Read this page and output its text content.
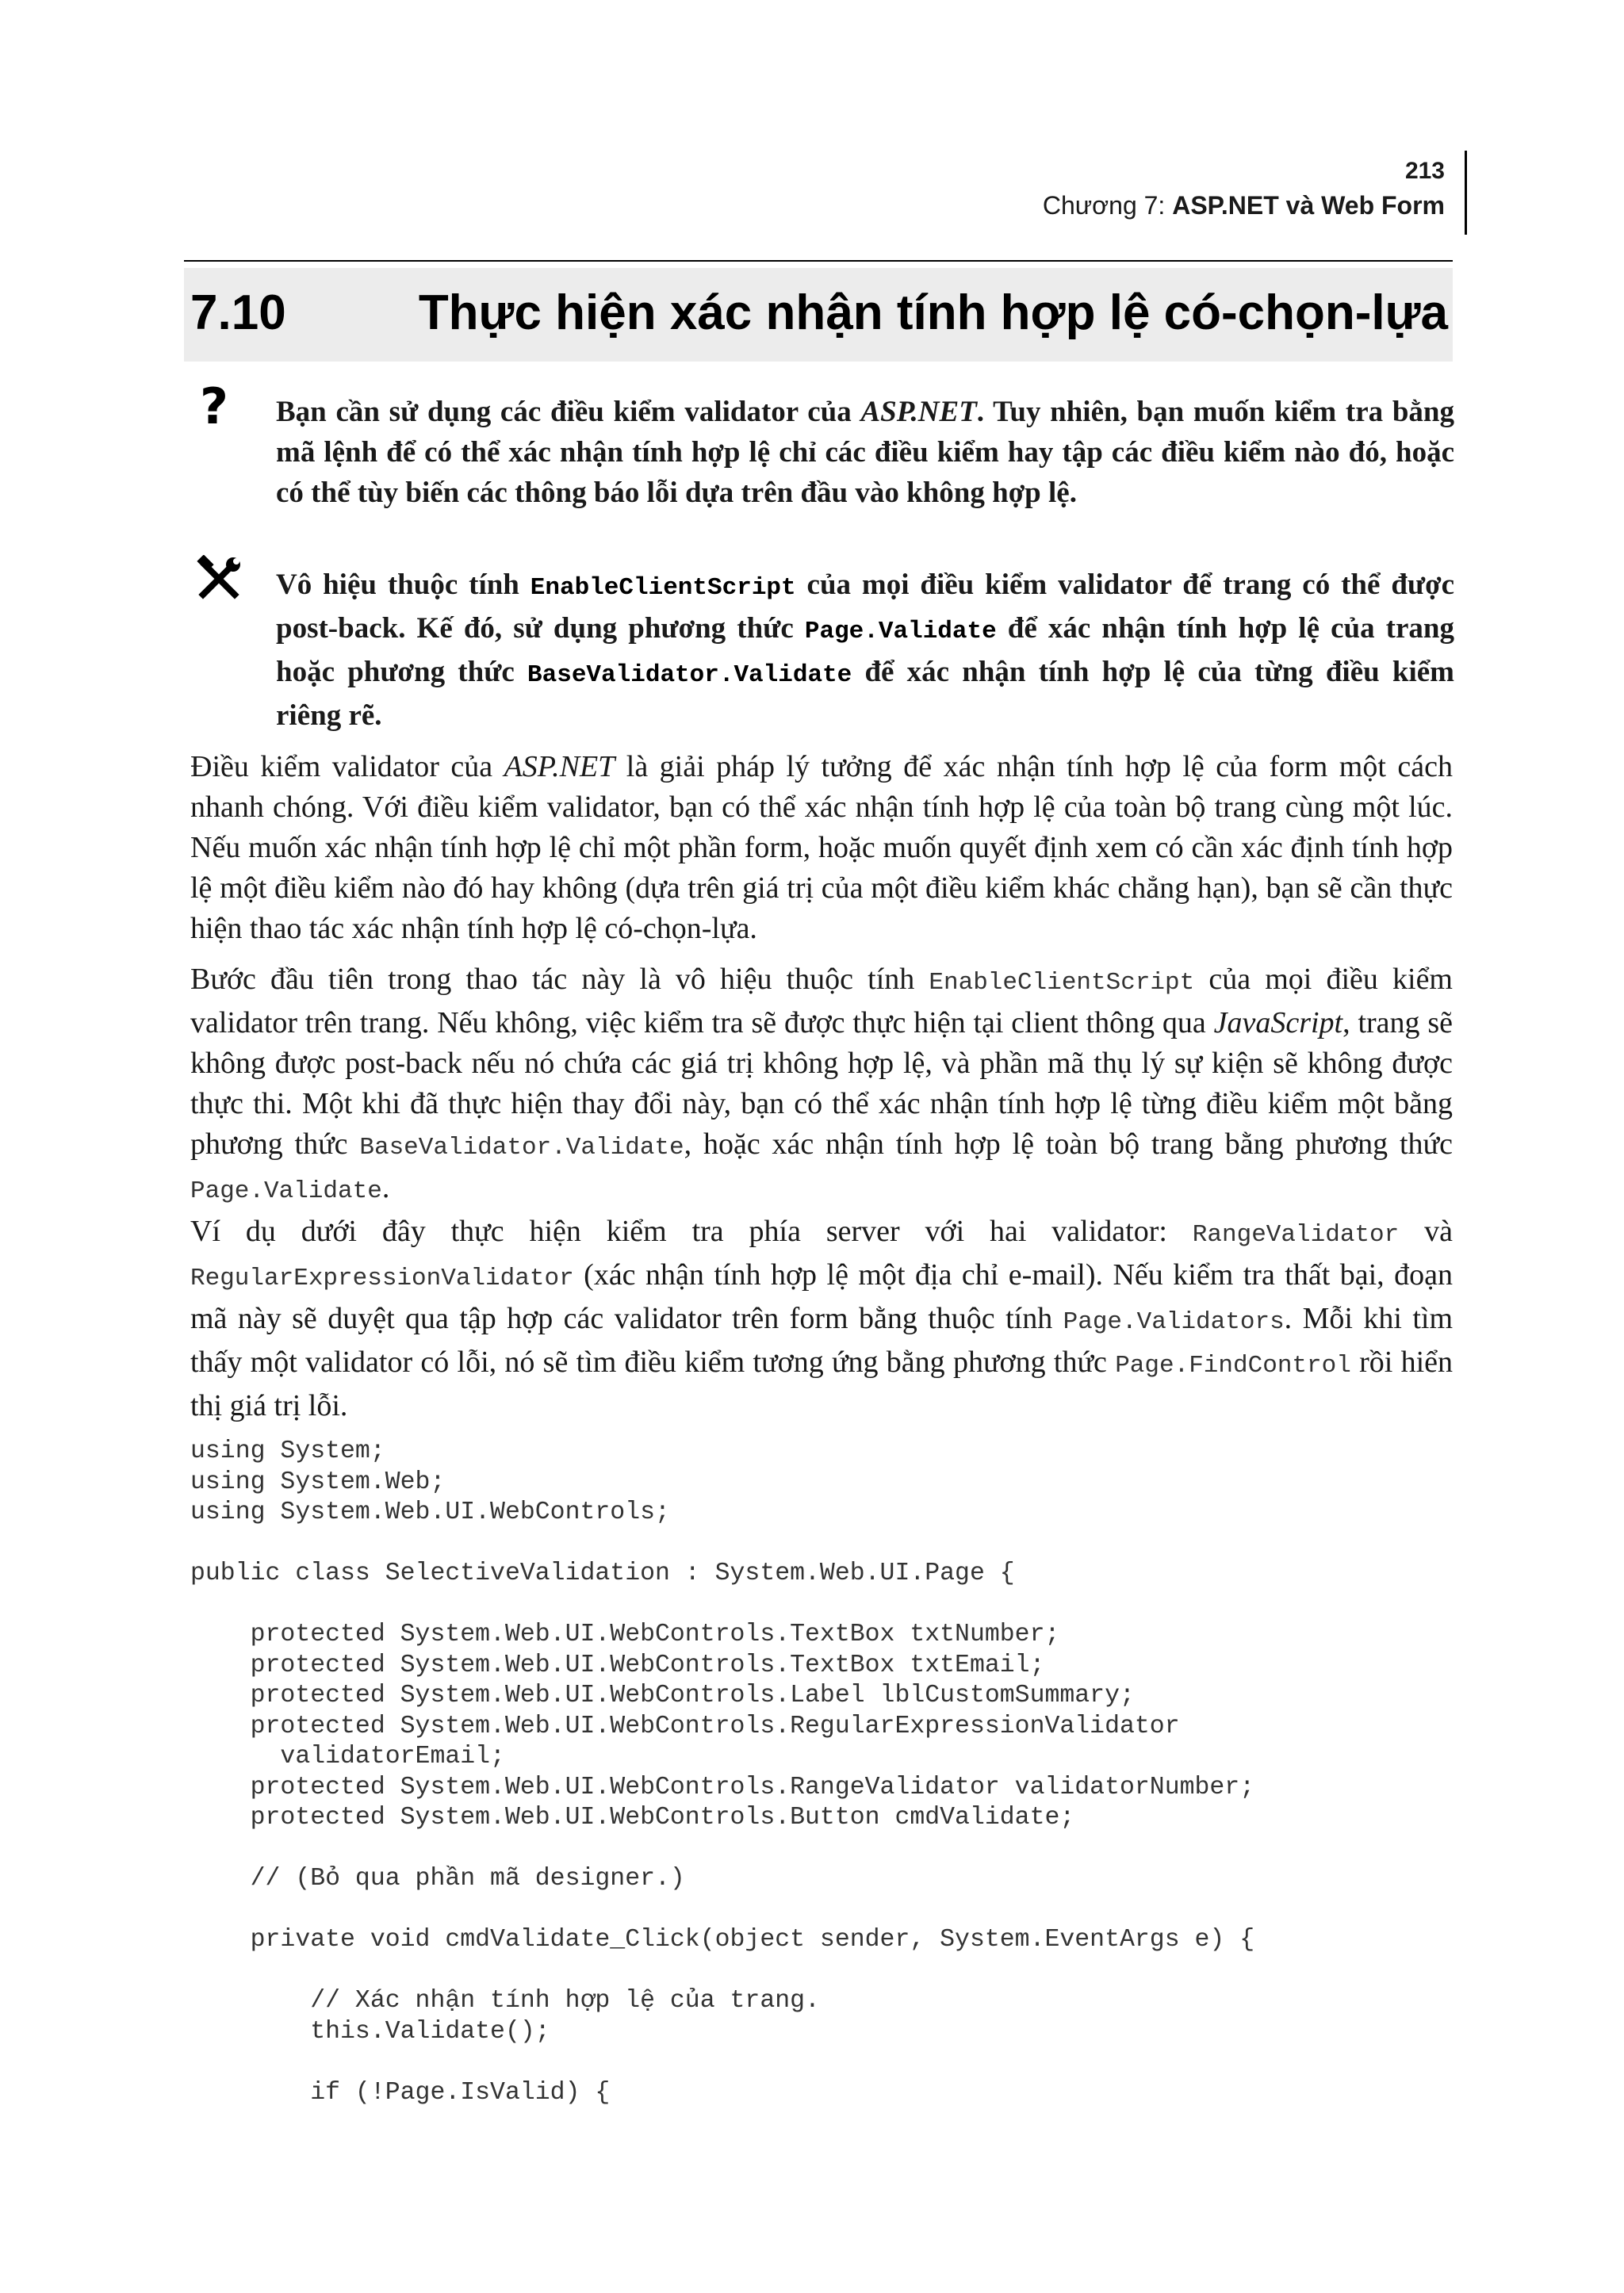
213
Chương 7: ASP.NET và Web Form
7.10	Thực hiện xác nhận tính hợp lệ có-chọn-lựa
? Bạn cần sử dụng các điều kiểm validator của ASP.NET. Tuy nhiên, bạn muốn kiểm tra bằng mã lệnh để có thể xác nhận tính hợp lệ chỉ các điều kiểm hay tập các điều kiểm nào đó, hoặc có thể tùy biến các thông báo lỗi dựa trên đầu vào không hợp lệ.
Vô hiệu thuộc tính EnableClientScript của mọi điều kiểm validator để trang có thể được post-back. Kế đó, sử dụng phương thức Page.Validate để xác nhận tính hợp lệ của trang hoặc phương thức BaseValidator.Validate để xác nhận tính hợp lệ của từng điều kiểm riêng rẽ.
Điều kiểm validator của ASP.NET là giải pháp lý tưởng để xác nhận tính hợp lệ của form một cách nhanh chóng. Với điều kiểm validator, bạn có thể xác nhận tính hợp lệ của toàn bộ trang cùng một lúc. Nếu muốn xác nhận tính hợp lệ chỉ một phần form, hoặc muốn quyết định xem có cần xác định tính hợp lệ một điều kiểm nào đó hay không (dựa trên giá trị của một điều kiểm khác chẳng hạn), bạn sẽ cần thực hiện thao tác xác nhận tính hợp lệ có-chọn-lựa.
Bước đầu tiên trong thao tác này là vô hiệu thuộc tính EnableClientScript của mọi điều kiểm validator trên trang. Nếu không, việc kiểm tra sẽ được thực hiện tại client thông qua JavaScript, trang sẽ không được post-back nếu nó chứa các giá trị không hợp lệ, và phần mã thụ lý sự kiện sẽ không được thực thi. Một khi đã thực hiện thay đổi này, bạn có thể xác nhận tính hợp lệ từng điều kiểm một bằng phương thức BaseValidator.Validate, hoặc xác nhận tính hợp lệ toàn bộ trang bằng phương thức Page.Validate.
Ví dụ dưới đây thực hiện kiểm tra phía server với hai validator: RangeValidator và RegularExpressionValidator (xác nhận tính hợp lệ một địa chỉ e-mail). Nếu kiểm tra thất bại, đoạn mã này sẽ duyệt qua tập hợp các validator trên form bằng thuộc tính Page.Validators. Mỗi khi tìm thấy một validator có lỗi, nó sẽ tìm điều kiểm tương ứng bằng phương thức Page.FindControl rồi hiển thị giá trị lỗi.
using System;
using System.Web;
using System.Web.UI.WebControls;

public class SelectiveValidation : System.Web.UI.Page {

protected System.Web.UI.WebControls.TextBox txtNumber;
protected System.Web.UI.WebControls.TextBox txtEmail;
protected System.Web.UI.WebControls.Label lblCustomSummary;
protected System.Web.UI.WebControls.RegularExpressionValidator
validatorEmail;
protected System.Web.UI.WebControls.RangeValidator validatorNumber;
protected System.Web.UI.WebControls.Button cmdValidate;

// (Bỏ qua phần mã designer.)

private void cmdValidate_Click(object sender, System.EventArgs e) {

// Xác nhận tính hợp lệ của trang.
this.Validate();

if (!Page.IsValid) {
